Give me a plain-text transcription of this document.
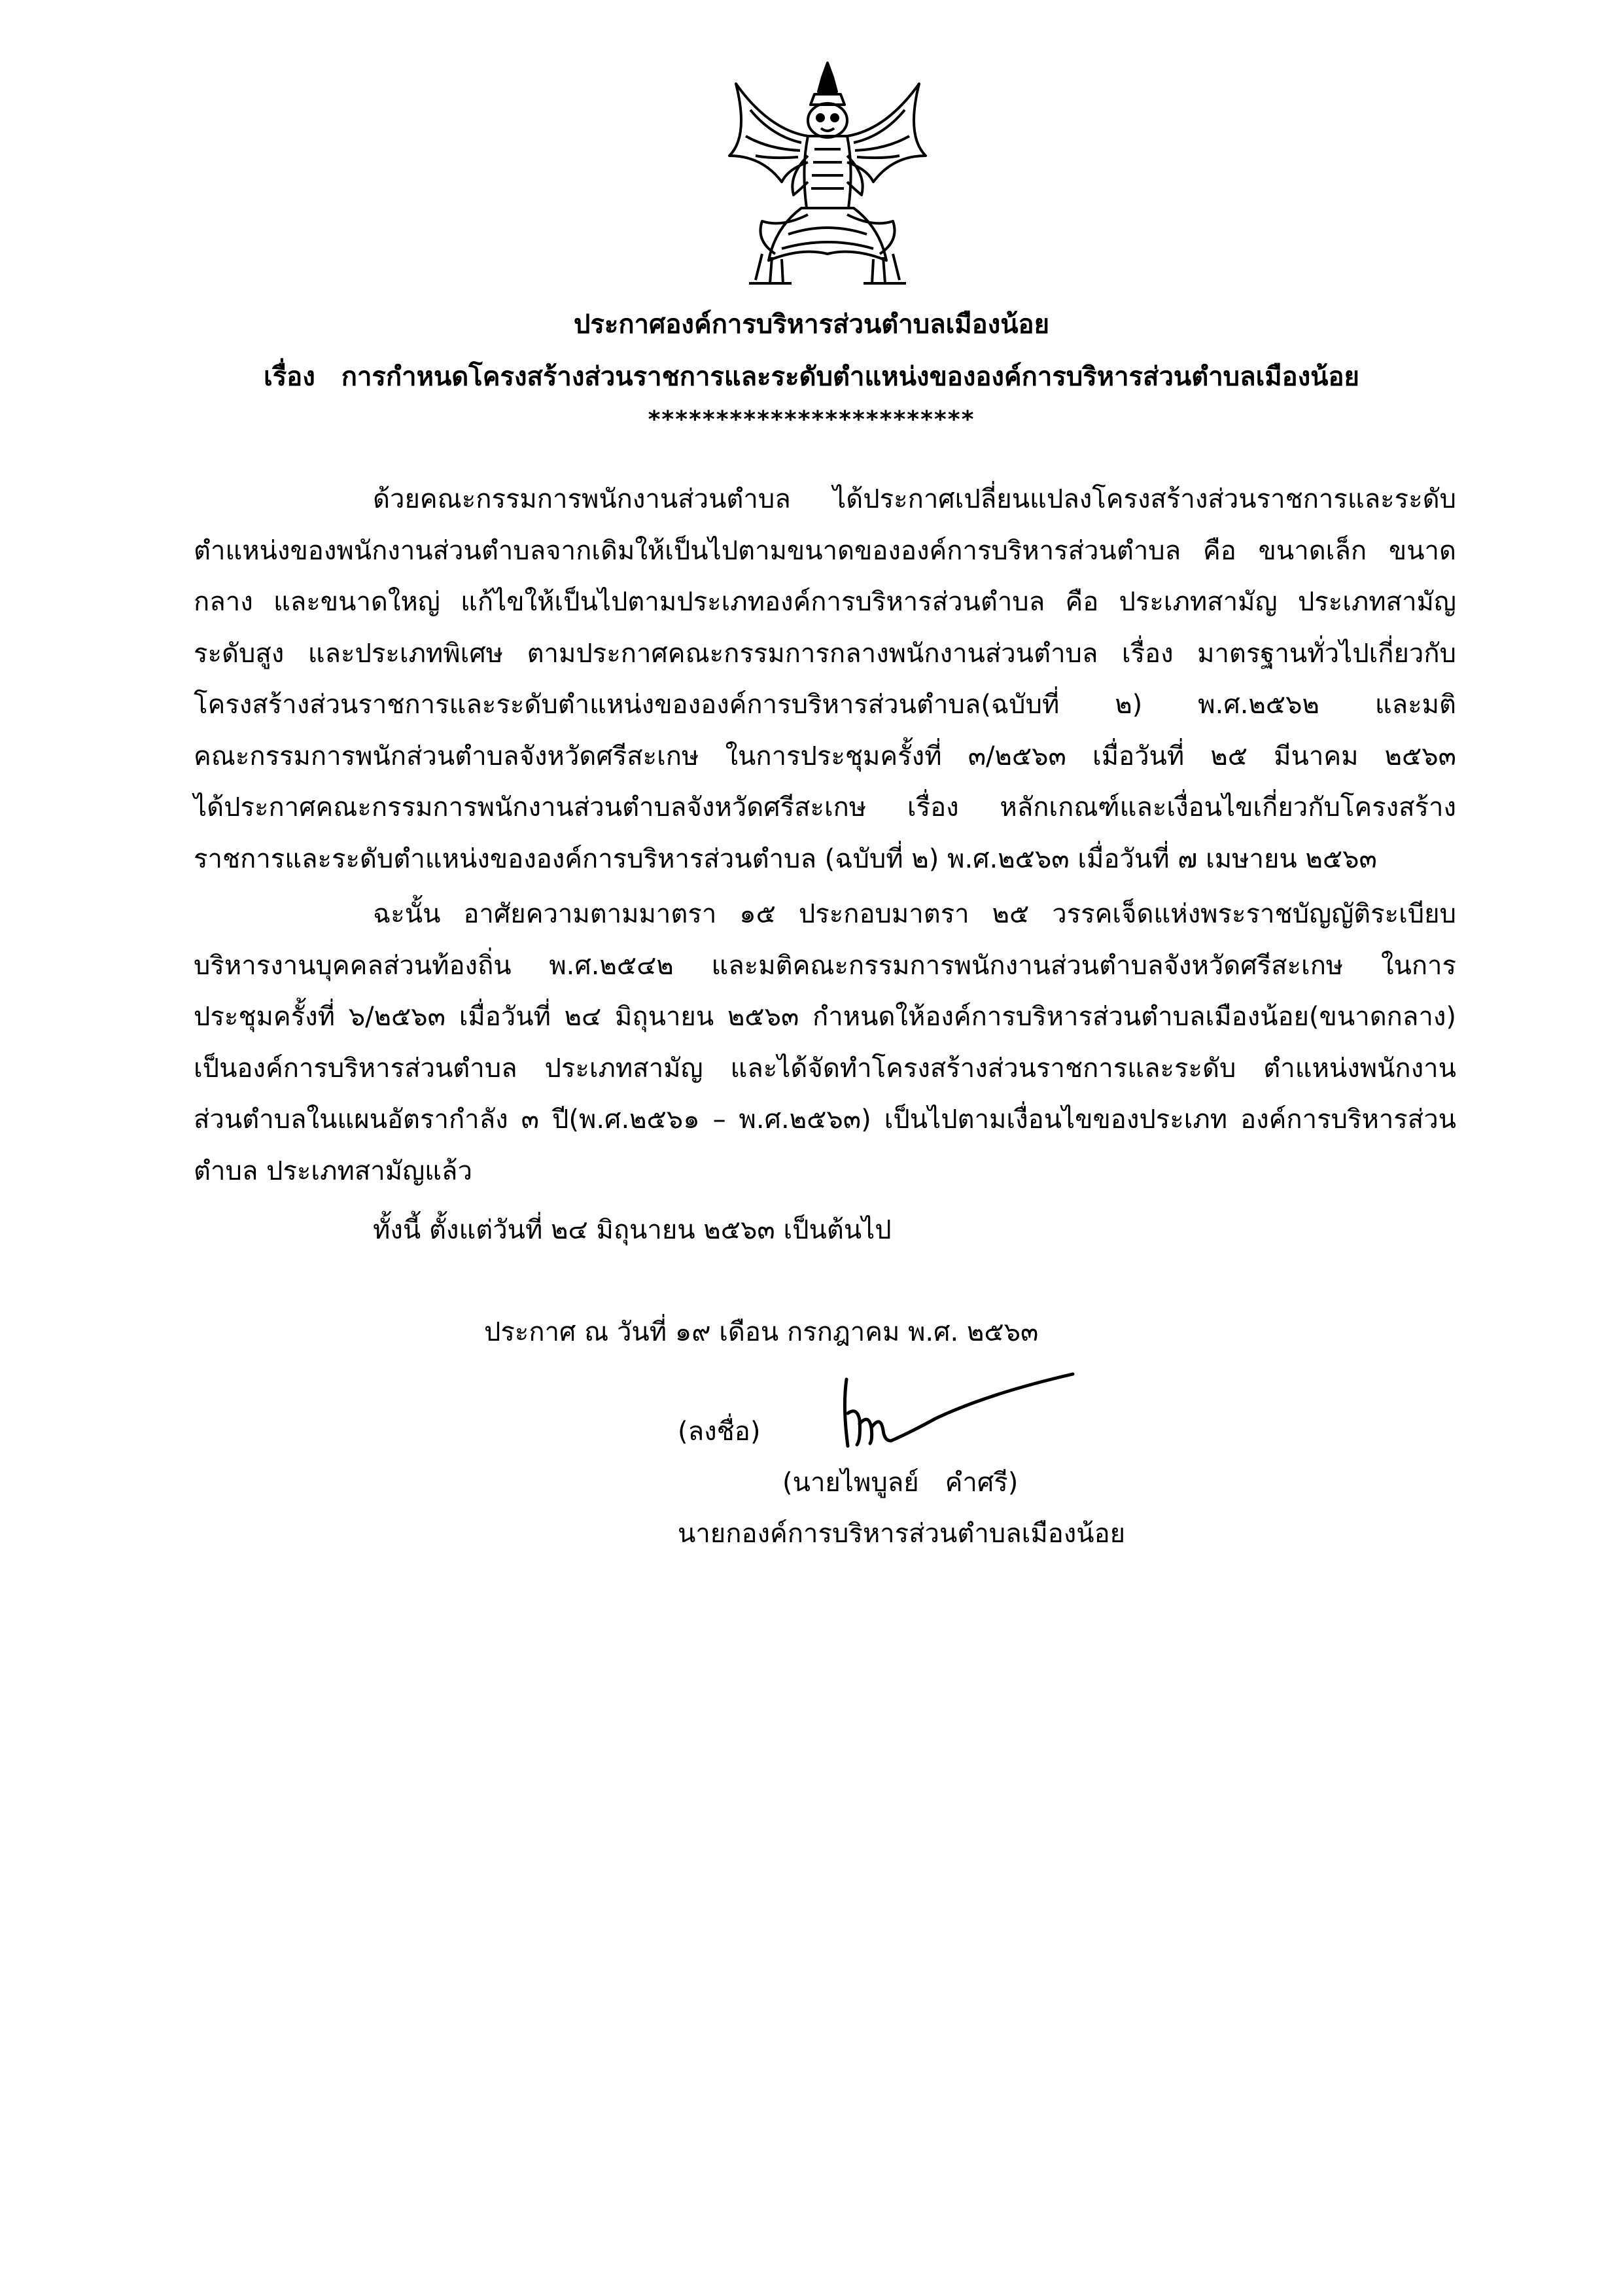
ประกาศองค์การบริหารส่วนตำบลเมืองน้อย
เรื่อง การกำหนดโครงสร้างส่วนราชการและระดับตำแหน่งขององค์การบริหารส่วนตำบลเมืองน้อย
************************
ด้วยคณะกรรมการพนักงานส่วนตำบล ได้ประกาศเปลี่ยนแปลงโครงสร้างส่วนราชการและระดับ
ตำแหน่งของพนักงานส่วนตำบลจากเดิมให้เป็นไปตามขนาดขององค์การบริหารส่วนตำบล คือ ขนาดเล็ก ขนาด
กลาง และขนาดใหญ่ แก้ไขให้เป็นไปตามประเภทองค์การบริหารส่วนตำบล คือ ประเภทสามัญ ประเภทสามัญ
ระดับสูง และประเภทพิเศษ ตามประกาศคณะกรรมการกลางพนักงานส่วนตำบล เรื่อง มาตรฐานทั่วไปเกี่ยวกับ
โครงสร้างส่วนราชการและระดับตำแหน่งขององค์การบริหารส่วนตำบล(ฉบับที่ ๒) พ.ศ.๒๕๖๒ และมติ
คณะกรรมการพนักส่วนตำบลจังหวัดศรีสะเกษ ในการประชุมครั้งที่ ๓/๒๕๖๓ เมื่อวันที่ ๒๕ มีนาคม ๒๕๖๓
ได้ประกาศคณะกรรมการพนักงานส่วนตำบลจังหวัดศรีสะเกษ เรื่อง หลักเกณฑ์และเงื่อนไขเกี่ยวกับโครงสร้าง
ราชการและระดับตำแหน่งขององค์การบริหารส่วนตำบล (ฉบับที่ ๒) พ.ศ.๒๕๖๓ เมื่อวันที่ ๗ เมษายน ๒๕๖๓
ฉะนั้น อาศัยความตามมาตรา ๑๕ ประกอบมาตรา ๒๕ วรรคเจ็ดแห่งพระราชบัญญัติระเบียบ
บริหารงานบุคคลส่วนท้องถิ่น พ.ศ.๒๕๔๒ และมติคณะกรรมการพนักงานส่วนตำบลจังหวัดศรีสะเกษ ในการ
ประชุมครั้งที่ ๖/๒๕๖๓ เมื่อวันที่ ๒๔ มิถุนายน ๒๕๖๓ กำหนดให้องค์การบริหารส่วนตำบลเมืองน้อย(ขนาดกลาง)
เป็นองค์การบริหารส่วนตำบล ประเภทสามัญ และได้จัดทำโครงสร้างส่วนราชการและระดับ ตำแหน่งพนักงาน
ส่วนตำบลในแผนอัตรากำลัง ๓ ปี(พ.ศ.๒๕๖๑ – พ.ศ.๒๕๖๓) เป็นไปตามเงื่อนไขของประเภท องค์การบริหารส่วน
ตำบล ประเภทสามัญแล้ว
ทั้งนี้ ตั้งแต่วันที่ ๒๔ มิถุนายน ๒๕๖๓ เป็นต้นไป
ประกาศ ณ วันที่ ๑๙ เดือน กรกฎาคม พ.ศ. ๒๕๖๓
(ลงชื่อ)
(นายไพบูลย์ คำศรี)
นายกองค์การบริหารส่วนตำบลเมืองน้อย
